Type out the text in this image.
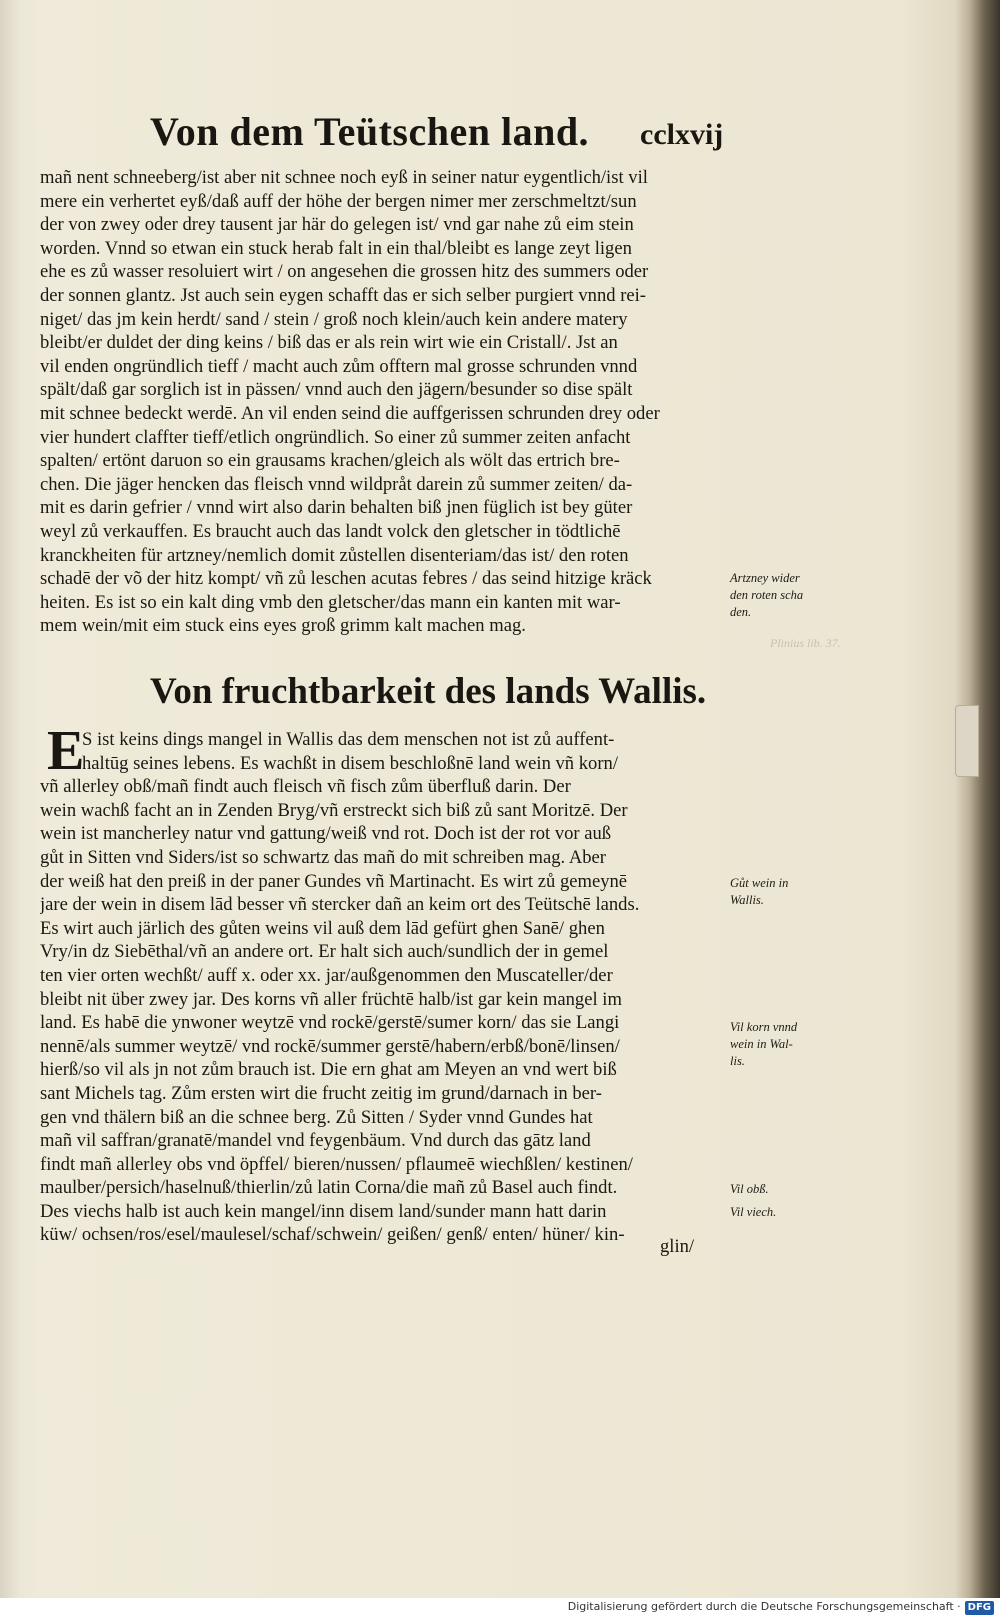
Von dem Teütschen land. cclxvij
mañ nent schneeberg/ist aber nit schnee noch eyß in seiner natur eygentlich/ist vil
mere ein verhertet eyß/daß auff der höhe der bergen nimer mer zerschmeltzt/sun
der von zwey oder drey tausent jar här do gelegen ist/ vnd gar nahe zů eim stein
worden. Vnnd so etwan ein stuck herab falt in ein thal/bleibt es lange zeyt ligen
ehe es zů wasser resoluiert wirt / on angesehen die grossen hitz des summers oder
der sonnen glantz. Jst auch sein eygen schafft das er sich selber purgiert vnnd rei-
niget/ das jm kein herdt/ sand / stein / groß noch klein/auch kein andere matery
bleibt/er duldet der ding keins / biß das er als rein wirt wie ein Cristall/. Jst an
vil enden ongründlich tieff / macht auch zům offtern mal grosse schrunden vnnd
spält/daß gar sorglich ist in pässen/ vnnd auch den jägern/besunder so dise spält
mit schnee bedeckt werdē. An vil enden seind die auffgerissen schrunden drey oder
vier hundert claffter tieff/etlich ongründlich. So einer zů summer zeiten anfacht
spalten/ ertönt daruon so ein grausams krachen/gleich als wölt das ertrich bre-
chen. Die jäger hencken das fleisch vnnd wildpråt darein zů summer zeiten/ da-
mit es darin gefrier / vnnd wirt also darin behalten biß jnen füglich ist bey güter
weyl zů verkauffen. Es braucht auch das landt volck den gletscher in tödtlichē
kranckheiten für artzney/nemlich domit zůstellen disenteriam/das ist/ den roten
schadē der võ der hitz kompt/ vñ zů leschen acutas febres / das seind hitzige kräck
heiten. Es ist so ein kalt ding vmb den gletscher/das mann ein kanten mit war-
mem wein/mit eim stuck eins eyes groß grimm kalt machen mag.
Plinius lib. 37.
Von fruchtbarkeit des lands Wallis.
E
S ist keins dings mangel in Wallis das dem menschen not ist zů auffent-
haltūg seines lebens. Es wachßt in disem beschloßnē land wein vñ korn/
vñ allerley obß/mañ findt auch fleisch vñ fisch zům überfluß darin. Der
wein wachß facht an in Zenden Bryg/vñ erstreckt sich biß zů sant Moritzē. Der
wein ist mancherley natur vnd gattung/weiß vnd rot. Doch ist der rot vor auß
gůt in Sitten vnd Siders/ist so schwartz das mañ do mit schreiben mag. Aber
der weiß hat den preiß in der paner Gundes vñ Martinacht. Es wirt zů gemeynē
jare der wein in disem lād besser vñ stercker dañ an keim ort des Teütschē lands.
Es wirt auch järlich des gůten weins vil auß dem lād gefürt ghen Sanē/ ghen
Vry/in dz Siebēthal/vñ an andere ort. Er halt sich auch/sundlich der in gemel
ten vier orten wechßt/ auff x. oder xx. jar/außgenommen den Muscateller/der
bleibt nit über zwey jar. Des korns vñ aller früchtē halb/ist gar kein mangel im
land. Es habē die ynwoner weytzē vnd rockē/gerstē/sumer korn/ das sie Langi
nennē/als summer weytzē/ vnd rockē/summer gerstē/habern/erbß/bonē/linsen/
hierß/so vil als jn not zům brauch ist. Die ern ghat am Meyen an vnd wert biß
sant Michels tag. Zům ersten wirt die frucht zeitig im grund/darnach in ber-
gen vnd thälern biß an die schnee berg. Zů Sitten / Syder vnnd Gundes hat
mañ vil saffran/granatē/mandel vnd feygenbäum. Vnd durch das gātz land
findt mañ allerley obs vnd öpffel/ bieren/nussen/ pflaumeē wiechßlen/ kestinen/
maulber/persich/haselnuß/thierlin/zů latin Corna/die mañ zů Basel auch findt.
Des viechs halb ist auch kein mangel/inn disem land/sunder mann hatt darin
küw/ ochsen/ros/esel/maulesel/schaf/schwein/ geißen/ genß/ enten/ hüner/ kin-
glin/
Artzney wider
den roten scha
den.
Gůt wein in
Wallis.
Vil korn vnnd
wein in Wal-
lis.
Vil obß.
Vil viech.
Digitalisierung gefördert durch die Deutsche Forschungsgemeinschaft · DFG
